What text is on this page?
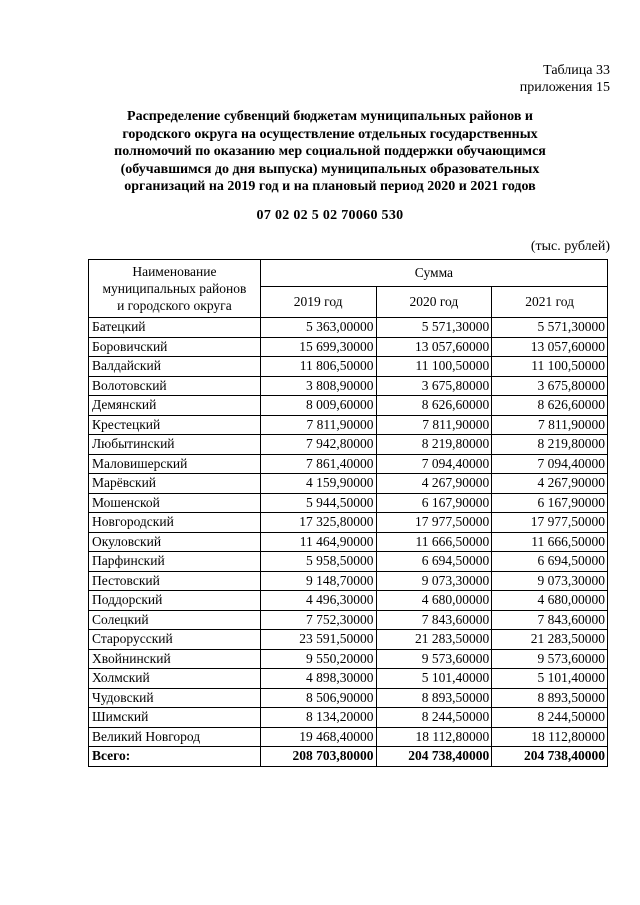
Таблица 33
приложения 15
Распределение субвенций бюджетам муниципальных районов и
городского округа на осуществление отдельных государственных
полномочий по оказанию мер социальной поддержки обучающимся
(обучавшимся до дня выпуска) муниципальных образовательных
организаций на 2019 год и на плановый период 2020 и 2021 годов
07 02 02 5 02 70060 530
(тыс. рублей)
Наименование
муниципальных районов
и городского округа	Сумма		
	2019 год	2020 год	2021 год
Батецкий	5 363,00000	5 571,30000	5 571,30000
Боровичский	15 699,30000	13 057,60000	13 057,60000
Валдайский	11 806,50000	11 100,50000	11 100,50000
Волотовский	3 808,90000	3 675,80000	3 675,80000
Демянский	8 009,60000	8 626,60000	8 626,60000
Крестецкий	7 811,90000	7 811,90000	7 811,90000
Любытинский	7 942,80000	8 219,80000	8 219,80000
Маловишерский	7 861,40000	7 094,40000	7 094,40000
Марёвский	4 159,90000	4 267,90000	4 267,90000
Мошенской	5 944,50000	6 167,90000	6 167,90000
Новгородский	17 325,80000	17 977,50000	17 977,50000
Окуловский	11 464,90000	11 666,50000	11 666,50000
Парфинский	5 958,50000	6 694,50000	6 694,50000
Пестовский	9 148,70000	9 073,30000	9 073,30000
Поддорский	4 496,30000	4 680,00000	4 680,00000
Солецкий	7 752,30000	7 843,60000	7 843,60000
Старорусский	23 591,50000	21 283,50000	21 283,50000
Хвойнинский	9 550,20000	9 573,60000	9 573,60000
Холмский	4 898,30000	5 101,40000	5 101,40000
Чудовский	8 506,90000	8 893,50000	8 893,50000
Шимский	8 134,20000	8 244,50000	8 244,50000
Великий Новгород	19 468,40000	18 112,80000	18 112,80000
Всего:	208 703,80000	204 738,40000	204 738,40000
